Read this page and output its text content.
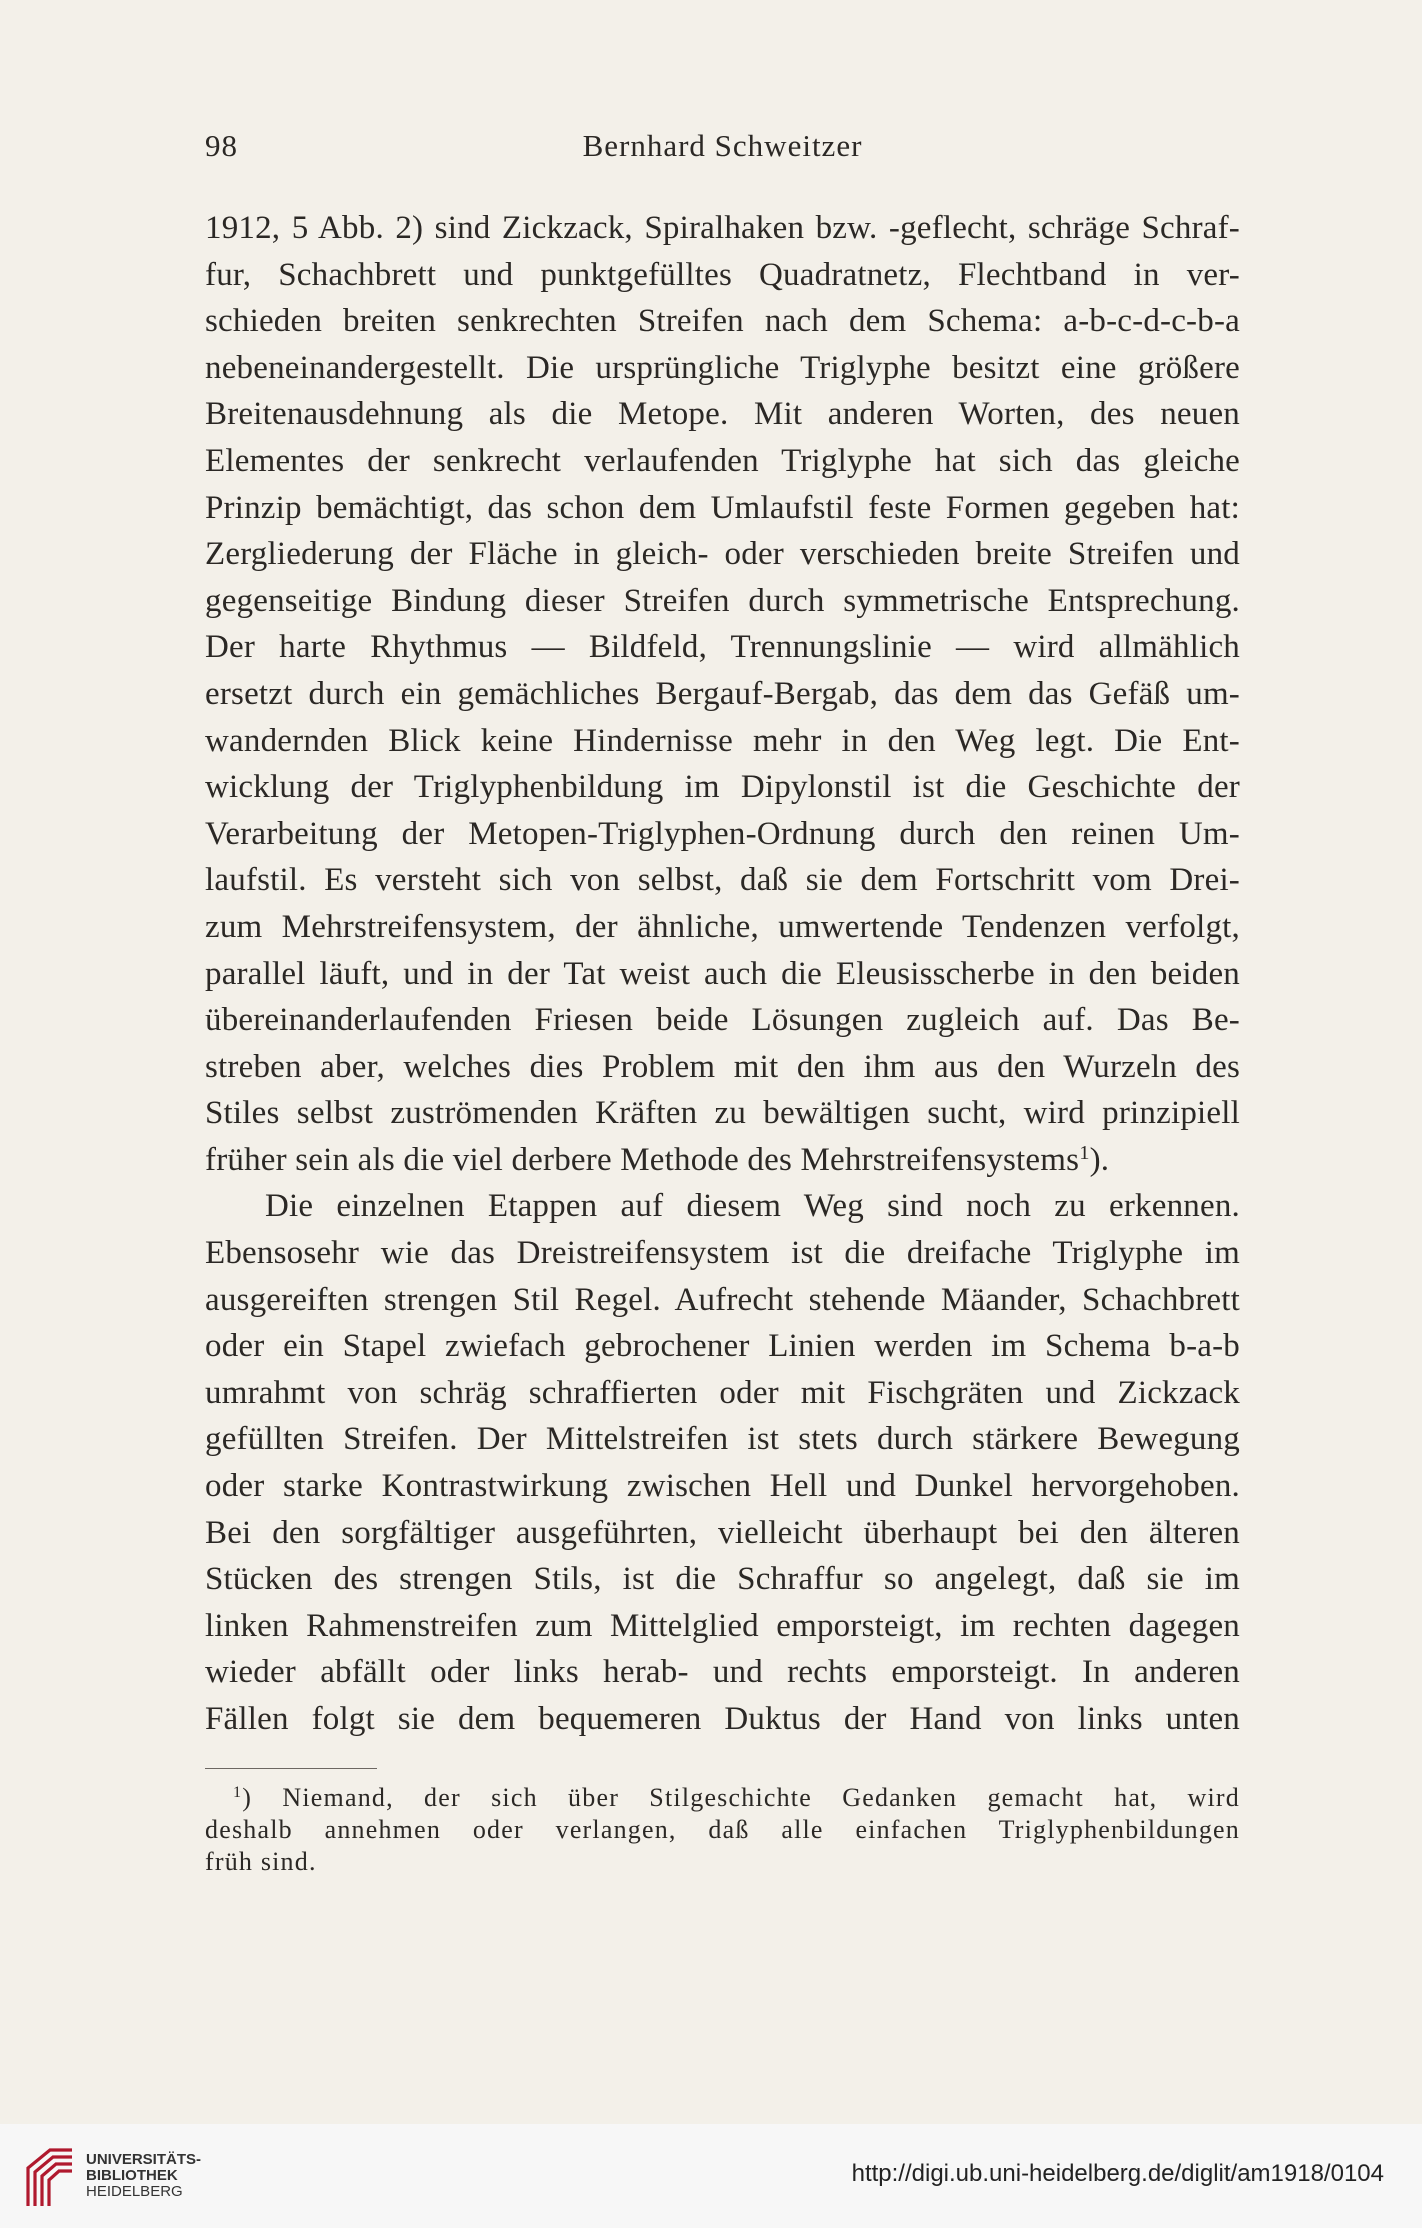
98	Bernhard Schweitzer
1912, 5 Abb. 2) sind Zickzack, Spiralhaken bzw. -geflecht, schräge Schraf-
fur, Schachbrett und punktgefülltes Quadratnetz, Flechtband in ver-
schieden breiten senkrechten Streifen nach dem Schema: a-b-c-d-c-b-a
nebeneinandergestellt. Die ursprüngliche Triglyphe besitzt eine größere
Breitenausdehnung als die Metope. Mit anderen Worten, des neuen
Elementes der senkrecht verlaufenden Triglyphe hat sich das gleiche
Prinzip bemächtigt, das schon dem Umlaufstil feste Formen gegeben hat:
Zergliederung der Fläche in gleich- oder verschieden breite Streifen und
gegenseitige Bindung dieser Streifen durch symmetrische Entsprechung.
Der harte Rhythmus — Bildfeld, Trennungslinie — wird allmählich
ersetzt durch ein gemächliches Bergauf-Bergab, das dem das Gefäß um-
wandernden Blick keine Hindernisse mehr in den Weg legt. Die Ent-
wicklung der Triglyphenbildung im Dipylonstil ist die Geschichte der
Verarbeitung der Metopen-Triglyphen-Ordnung durch den reinen Um-
laufstil. Es versteht sich von selbst, daß sie dem Fortschritt vom Drei-
zum Mehrstreifensystem, der ähnliche, umwertende Tendenzen verfolgt,
parallel läuft, und in der Tat weist auch die Eleusisscherbe in den beiden
übereinanderlaufenden Friesen beide Lösungen zugleich auf. Das Be-
streben aber, welches dies Problem mit den ihm aus den Wurzeln des
Stiles selbst zuströmenden Kräften zu bewältigen sucht, wird prinzipiell
früher sein als die viel derbere Methode des Mehrstreifensystems$^1$).
Die einzelnen Etappen auf diesem Weg sind noch zu erkennen.
Ebensosehr wie das Dreistreifensystem ist die dreifache Triglyphe im
ausgereiften strengen Stil Regel. Aufrecht stehende Mäander, Schachbrett
oder ein Stapel zwiefach gebrochener Linien werden im Schema b-a-b
umrahmt von schräg schraffierten oder mit Fischgräten und Zickzack
gefüllten Streifen. Der Mittelstreifen ist stets durch stärkere Bewegung
oder starke Kontrastwirkung zwischen Hell und Dunkel hervorgehoben.
Bei den sorgfältiger ausgeführten, vielleicht überhaupt bei den älteren
Stücken des strengen Stils, ist die Schraffur so angelegt, daß sie im
linken Rahmenstreifen zum Mittelglied emporsteigt, im rechten dagegen
wieder abfällt oder links herab- und rechts emporsteigt. In anderen
Fällen folgt sie dem bequemeren Duktus der Hand von links unten
$^1$) Niemand, der sich über Stilgeschichte Gedanken gemacht hat, wird
deshalb annehmen oder verlangen, daß alle einfachen Triglyphenbildungen
früh sind.
UNIVERSITÄTS-
BIBLIOTHEK
HEIDELBERG
http://digi.ub.uni-heidelberg.de/diglit/am1918/0104
